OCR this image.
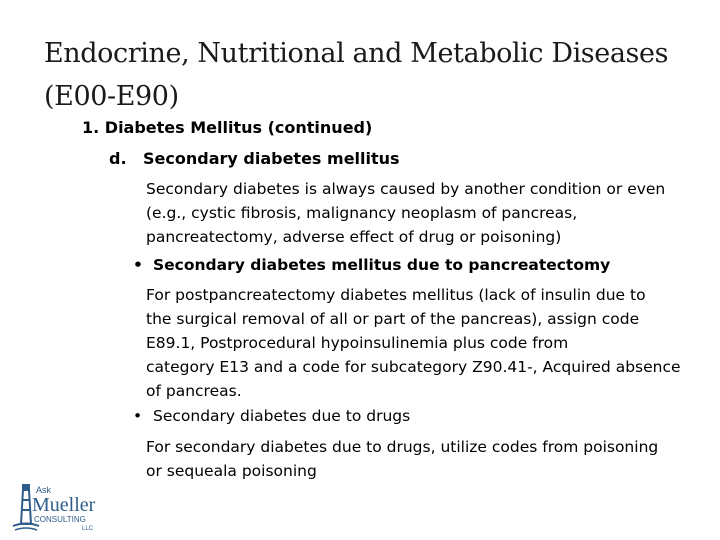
Endocrine, Nutritional and Metabolic Diseases
(E00-E90)
1. Diabetes Mellitus (continued)
d. Secondary diabetes mellitus
Secondary diabetes is always caused by another condition or even
(e.g., cystic fibrosis, malignancy neoplasm of pancreas,
pancreatectomy, adverse effect of drug or poisoning)
• Secondary diabetes mellitus due to pancreatectomy
For postpancreatectomy diabetes mellitus (lack of insulin due to
the surgical removal of all or part of the pancreas), assign code
E89.1, Postprocedural hypoinsulinemia plus code from
category E13 and a code for subcategory Z90.41-, Acquired absence
of pancreas.
• Secondary diabetes due to drugs
For secondary diabetes due to drugs, utilize codes from poisoning
or sequeala poisoning
Ask
Mueller
CONSULTING
LLC
